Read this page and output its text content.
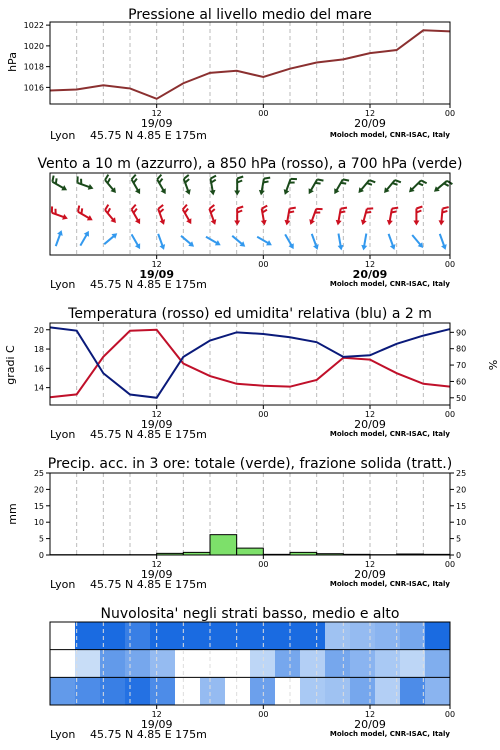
Pressione al livello medio del mare
hPa
1016
1018
1020
1022
12	00	12	00
19/09	20/09
Lyon 45.75 N 4.85 E 175m	Moloch model, CNR-ISAC, Italy
Vento a 10 m (azzurro), a 850 hPa (rosso), a 700 hPa (verde)
12	00	12	00
19/09	20/09
Lyon 45.75 N 4.85 E 175m	Moloch model, CNR-ISAC, Italy
Temperatura (rosso) ed umidita' relativa (blu) a 2 m
gradi C	%
14
16
18
20
50
60
70
80
90
12	00	12	00
19/09	20/09
Lyon 45.75 N 4.85 E 175m	Moloch model, CNR-ISAC, Italy
Precip. acc. in 3 ore: totale (verde), frazione solida (tratt.)
mm
0
5
10
15
20
25
0
5
10
15
20
25
12	00	12	00
19/09	20/09
Lyon 45.75 N 4.85 E 175m	Moloch model, CNR-ISAC, Italy
Nuvolosita' negli strati basso, medio e alto
12	00	12	00
19/09	20/09
Lyon 45.75 N 4.85 E 175m	Moloch model, CNR-ISAC, Italy
